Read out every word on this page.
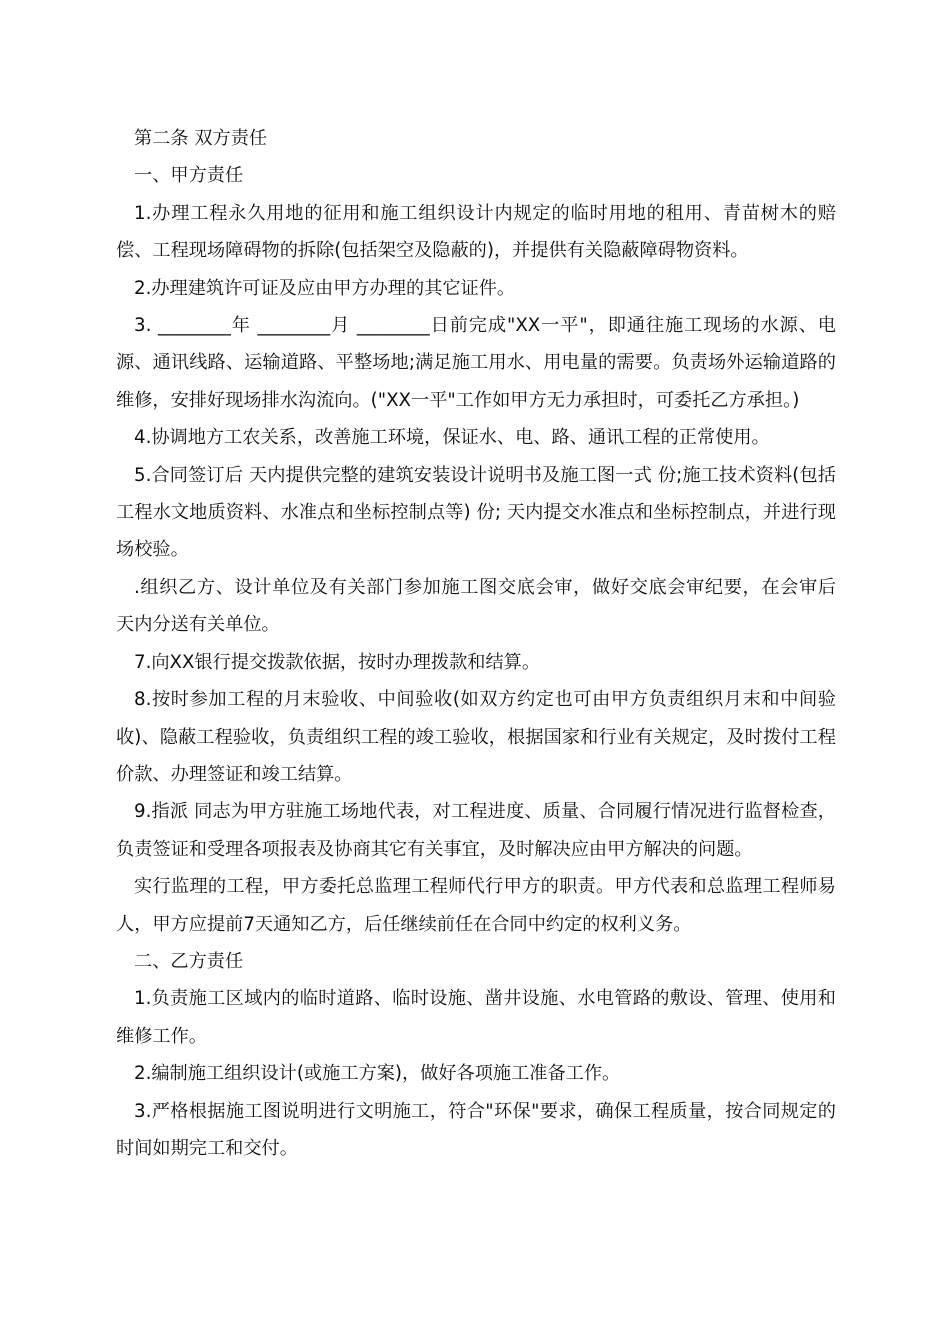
第二条 双方责任

一、甲方责任

1.办理工程永久用地的征用和施工组织设计内规定的临时用地的租用、青苗树木的赔偿、工程现场障碍物的拆除(包括架空及隐蔽的)，并提供有关隐蔽障碍物资料。

2.办理建筑许可证及应由甲方办理的其它证件。

3. ________年 ________月 ________日前完成"XX一平"，即通往施工现场的水源、电源、通讯线路、运输道路、平整场地;满足施工用水、用电量的需要。负责场外运输道路的维修，安排好现场排水沟流向。("XX一平"工作如甲方无力承担时，可委托乙方承担。)

4.协调地方工农关系，改善施工环境，保证水、电、路、通讯工程的正常使用。

5.合同签订后 天内提供完整的建筑安装设计说明书及施工图一式 份;施工技术资料(包括工程水文地质资料、水准点和坐标控制点等) 份; 天内提交水准点和坐标控制点，并进行现场校验。

.组织乙方、设计单位及有关部门参加施工图交底会审，做好交底会审纪要，在会审后 天内分送有关单位。

7.向XX银行提交拨款依据，按时办理拨款和结算。

8.按时参加工程的月末验收、中间验收(如双方约定也可由甲方负责组织月末和中间验收)、隐蔽工程验收，负责组织工程的竣工验收，根据国家和行业有关规定，及时拨付工程价款、办理签证和竣工结算。

9.指派 同志为甲方驻施工场地代表，对工程进度、质量、合同履行情况进行监督检查，负责签证和受理各项报表及协商其它有关事宜，及时解决应由甲方解决的问题。

实行监理的工程，甲方委托总监理工程师代行甲方的职责。甲方代表和总监理工程师易人，甲方应提前7天通知乙方，后任继续前任在合同中约定的权利义务。

二、乙方责任

1.负责施工区域内的临时道路、临时设施、凿井设施、水电管路的敷设、管理、使用和维修工作。

2.编制施工组织设计(或施工方案)，做好各项施工准备工作。

3.严格根据施工图说明进行文明施工，符合"环保"要求，确保工程质量，按合同规定的时间如期完工和交付。
